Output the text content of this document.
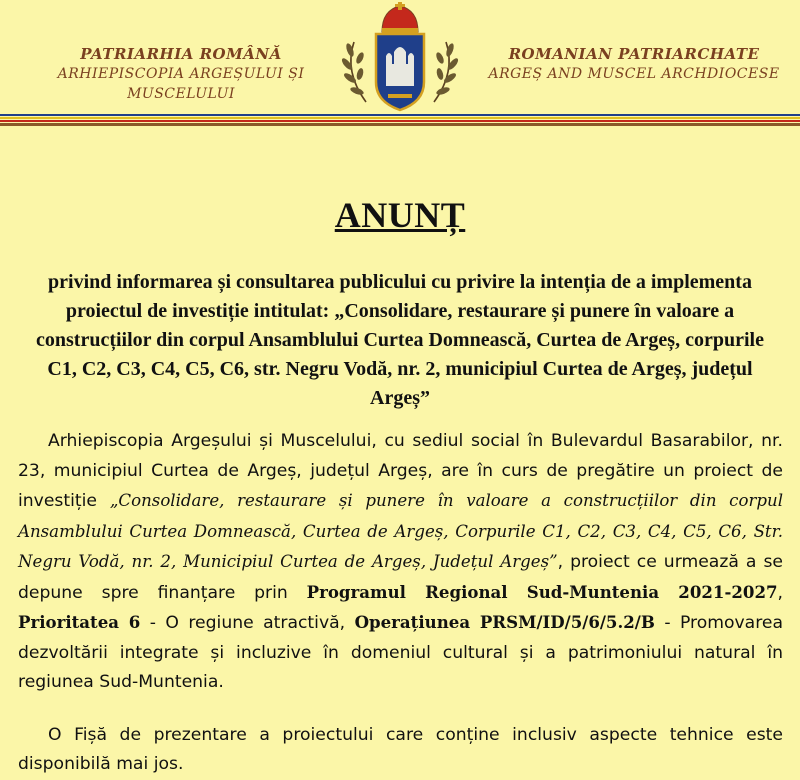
PATRIARHIA ROMÂNĂ
ARHIEPISCOPIA ARGEȘULUI ȘI MUSCELULUI
ROMANIAN PATRIARCHATE
ARGEȘ AND MUSCEL ARCHDIOCESE
ANUNȚ
privind informarea și consultarea publicului cu privire la intenția de a implementa proiectul de investiție intitulat: „Consolidare, restaurare și punere în valoare a construcțiilor din corpul Ansamblului Curtea Domnească, Curtea de Argeș, corpurile C1, C2, C3, C4, C5, C6, str. Negru Vodă, nr. 2, municipiul Curtea de Argeș, județul Argeș”

Arhiepiscopia Argeșului și Muscelului, cu sediul social în Bulevardul Basarabilor, nr. 23, municipiul Curtea de Argeș, județul Argeș, are în curs de pregătire un proiect de investiție „Consolidare, restaurare și punere în valoare a construcțiilor din corpul Ansamblului Curtea Domnească, Curtea de Argeș, Corpurile C1, C2, C3, C4, C5, C6, Str. Negru Vodă, nr. 2, Municipiul Curtea de Argeș, Județul Argeș”, proiect ce urmează a se depune spre finanțare prin Programul Regional Sud-Muntenia 2021-2027, Prioritatea 6 - O regiune atractivă, Operațiunea PRSM/ID/5/6/5.2/B - Promovarea dezvoltării integrate și incluzive în domeniul cultural și a patrimoniului natural în regiunea Sud-Muntenia.

O Fișă de prezentare a proiectului care conține inclusiv aspecte tehnice este disponibilă mai jos.
